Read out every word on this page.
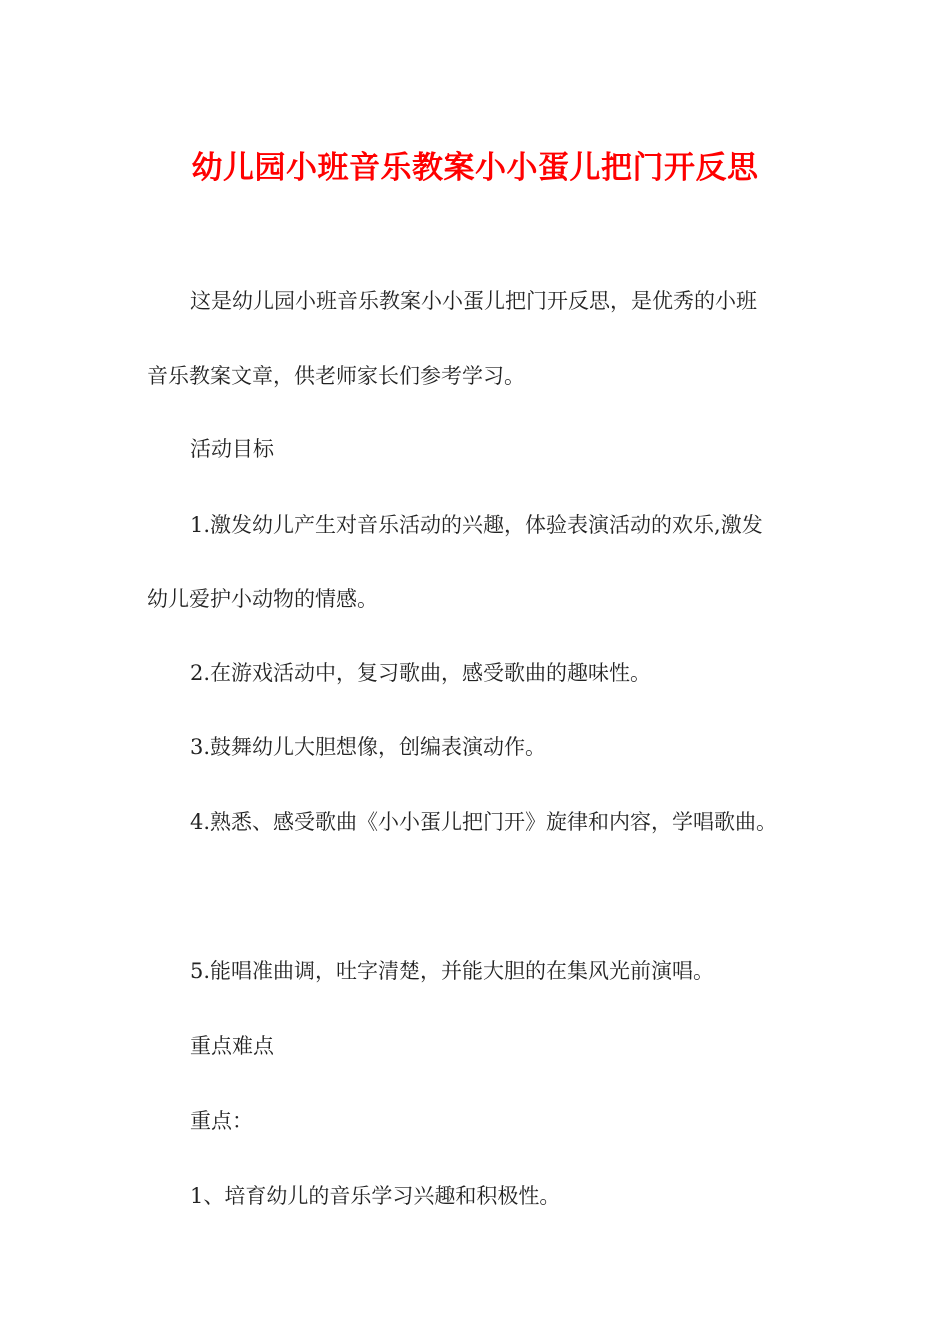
幼儿园小班音乐教案小小蛋儿把门开反思
这是幼儿园小班音乐教案小小蛋儿把门开反思，是优秀的小班
音乐教案文章，供老师家长们参考学习。
活动目标
1.激发幼儿产生对音乐活动的兴趣，体验表演活动的欢乐,激发
幼儿爱护小动物的情感。
2.在游戏活动中，复习歌曲，感受歌曲的趣味性。
3.鼓舞幼儿大胆想像，创编表演动作。
4.熟悉、感受歌曲《小小蛋儿把门开》旋律和内容，学唱歌曲。
5.能唱准曲调，吐字清楚，并能大胆的在集风光前演唱。
重点难点
重点：
1、培育幼儿的音乐学习兴趣和积极性。
